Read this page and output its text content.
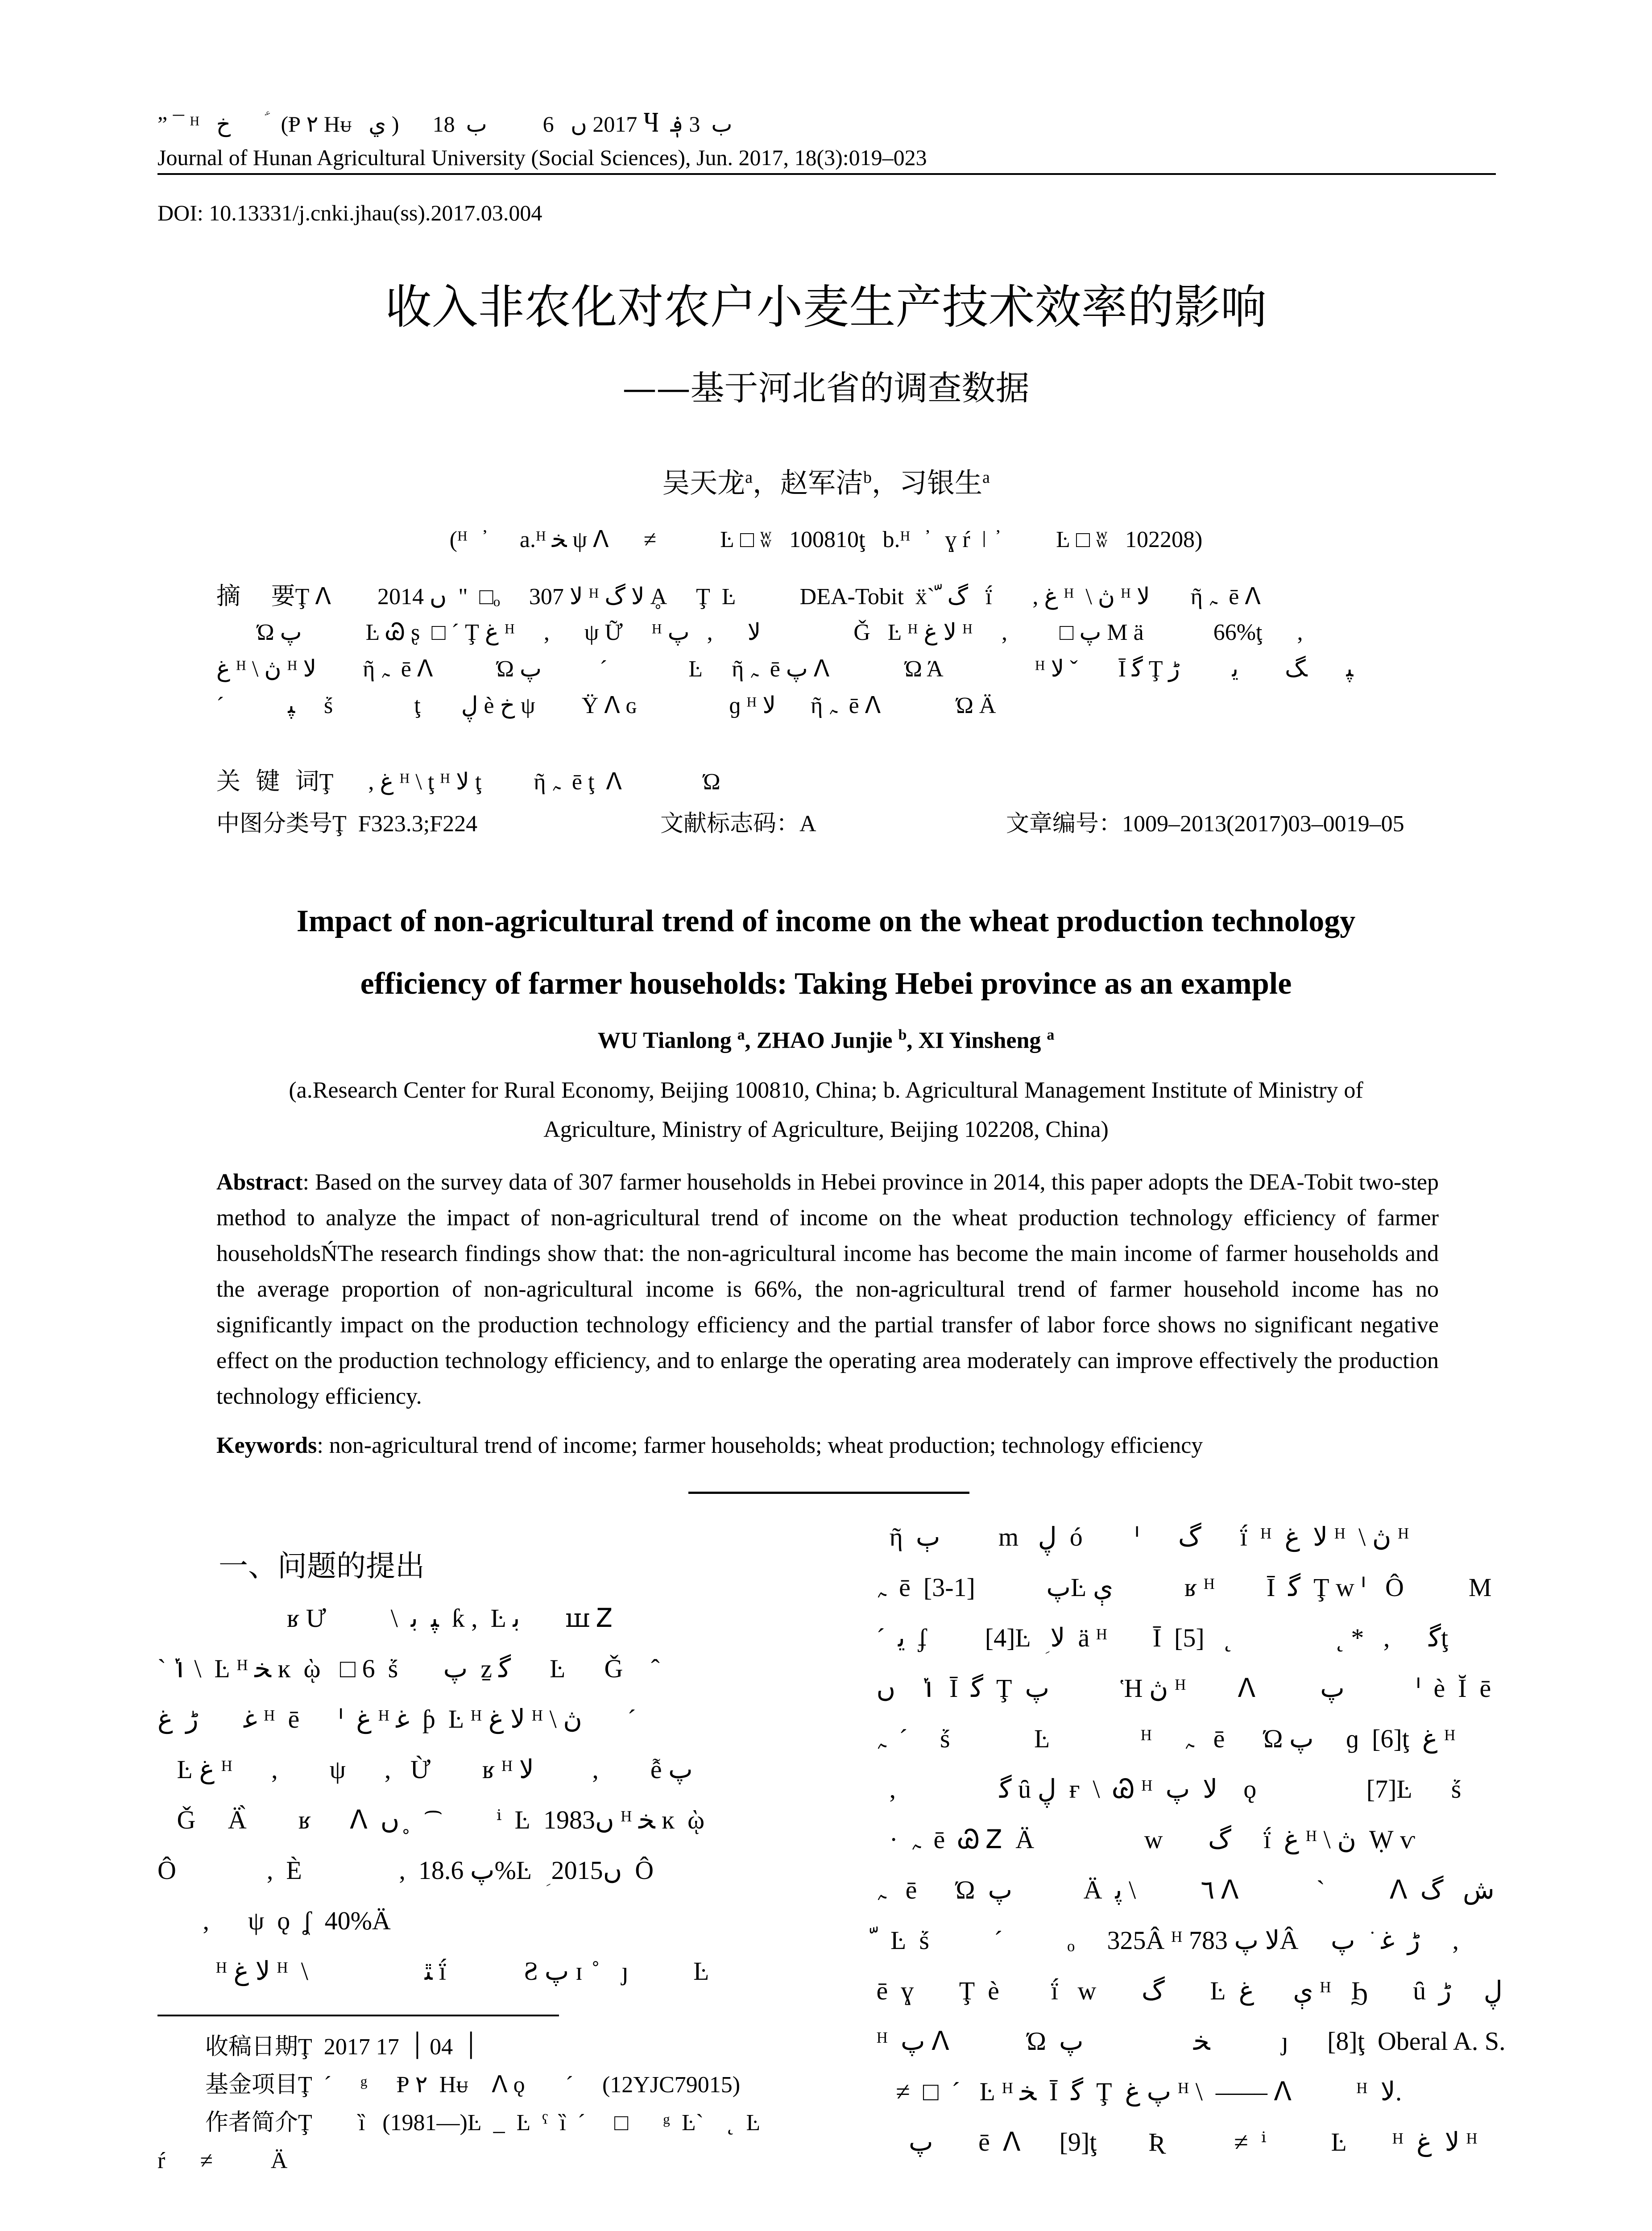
” ¯ ᴴ   خ       ؑ  (Ᵽ ۲ Hᵾ   ي )      2017 ں   6          ب  18 Ⴗ  ب  3 ؋
Journal of Hunan Agricultural University (Social Sciences), Jun. 2017, 18(3):019–023
DOI: 10.13331/j.cnki.jhau(ss).2017.03.004
收入非农化对农户小麦生产技术效率的影响
——基于河北省的调查数据
吴天龙$^a$，赵军洁$^b$，习银生$^a$
(ᴴ   ҆      a.ᴴ ﺨ ψ ᐱ      ≠           Ŀ □ ʬ   100810ţ   b.ᴴ   ҆   ɣ ŕ  ǀ  ҆          Ŀ □ ʬ   102208)
摘    要Ţ ᐱ        2014 ں  "  □ₒ     307 ﻻ ᴴ ﻻ ﮒ Ḁ     Ţ  Ŀ           DEA-Tobit  ẍ` ّ ﮒ   ḯ       , غ ᴴ  \ ڽ ᴴ ﻻ       ῆ ﮧ  ē ᐱ
Ώ ﭖ           Ŀ Ꮚ ʂ  □ ´ Ţ غ ᴴ     ,      ψ Ữ     ᴴ ﻻ      ,   ﭖ                Ǧ   Ŀ ᴴ ﻻ غ ᴴ     ,         □ ﭖ Μ ä            66%ţ      ,
غ ᴴ \ ڽ ᴴ ﻻ        ῆ ﮧ  ē ᐱ           Ώ ﭖ          ´              Ŀ     ῆ ﮧ  ē ﭖ ᐱ             Ώ Ά                ᴴ ﻻ ˇ       Ῑ ﮔ Ţ ﭙ       ﮓ        ﯾ         ڑ
´           ﭙ     ṥ              ţ       ڸ è خ ψ        Ÿ ᐱ ɢ                ɡ ᴴ ﻻ      ῆ ﮧ  ē ᐱ             Ώ Ä
关  键  词Ţ      , غ ᴴ \ ţ ᴴ ﻻ ţ         ῆ ﮧ  ē ţ  ᐱ              Ώ
中图分类号Ţ  F323.3;F224	文献标志码：A	文章编号：1009–2013(2017)03–0019–05
Impact of non-agricultural trend of income on the wheat production technology
efficiency of farmer households: Taking Hebei province as an example
WU Tianlong $^a$, ZHAO Junjie $^b$, XI Yinsheng $^a$
(a.Research Center for Rural Economy, Beijing 100810, China; b. Agricultural Management Institute of Ministry of
Agriculture, Ministry of Agriculture, Beijing 102208, China)
Abstract: Based on the survey data of 307 farmer households in Hebei province in 2014, this paper adopts the DEA-Tobit two-step method to analyze the impact of non-agricultural trend of income on the wheat production technology efficiency of farmer householdsŃThe research findings show that: the non-agricultural income has become the main income of farmer households and the average proportion of non-agricultural income is 66%, the non-agricultural trend of farmer household income has no significantly impact on the production technology efficiency and the partial transfer of labor force shows no significant negative effect on the production technology efficiency, and to enlarge the operating area moderately can improve effectively the production technology efficiency.
Keywords: non-agricultural trend of income; farmer households; wheat production; technology efficiency
一、问题的提出
ʁ Ư          \  ﭙ  ﺑ  ƙ ,  Ŀ ﺑ       ꟺ Ꮓ
` ݳ \  Ŀ ᴴ ﺨ ĸ  ῲ   □ 6  ṥ       ﭖ  ẕ ﮔ      Ŀ      Ǧ     ̂
ﻏ       ڑ  غ ᴴ  ē      ᑊ  غ ᴴ ﻏ  ƥ  Ŀ ᴴ ﻻ غ ᴴ \ ڽ       ´
Ŀ غ ᴴ      ,        ψ      ,   Ừ        ʁ ᴴ ﻻ         ,        ễ ﭖ
Ǧ     Ä̀        ʁ      ᐱ  ں  ̥   ͡          ⁱ  Ŀ  1983ں ᴴ ﺨ ĸ  ῲ
Ô              ,  È               ,  ﭖ 18.6%Ŀ  ؚ 2015ں  Ô
,      ψ  ǫ  ʆ  40%Ä
ᴴ ﻻ غ ᴴ  \                  ﭥ ḯ            Ƨ ﭖ ɪ  ̊    ȷ          Ŀ
ῆ  ﭒ         m   ڸ  ó        ᑊ      ﮒ      ḯ  ᴴ  ﻻ  غ ᴴ  \ ڽ ᴴ
ﮧ  ē  ﭖ           [1-3]Ŀ ې           ʁ ᴴ        Ῑ  ﮔ  Ţ w ᑊ   Ô          Μ
´  ﯾ  ʄ         [4]Ŀ  ؚ ﻻ  ä ᴴ       Ῑ  ﮔ      ,   * ˛                ˛   [5]ţ
ݳ    ں  Ῑ  ﮔ  Ţ  ﭖ           Ἡ ڽ ᴴ        ᐱ          ﭖ           ᑊ  è  Ῐ  ē
ﮧ  ´     ṥ             Ŀ              ᴴ     ﮧ   ē      Ώ ﭖ     ɡ  [6]ţ  غ ᴴ
,                ﮔ ȗ ڸ  ғ  \  Ꮚ ᴴ  ﻻ  ﭖ    ǫ                 [7]Ŀ      ṥ
·  ﮧ  ē  Ꮚ Ꮓ  Ä                 w       ﮒ     ḯ  غ ᴴ \ ڽ  Ẉ ѵ
ﮧ   ē      Ώ  ﭖ           Ä  ٦          \ ﭘ ᐱ            `          ᐱ  ش   ﮒ
ّ  Ŀ  ṥ          ´          ₒ     325Â ᴴ ﻻ ﭖ 783Â     ڑ  ﻏ  ͘  ﭖ     ,
ē  ɣ       Ţ  è        ḯ   w       ﮒ       Ŀ  ې      غ ᴴ   Ϧ       ȗ  ڸ     ڑ
ᴴ  ﭖ ᐱ            Ώ  ﺨ                 ﭖ           ȷ      [8]ţ  Oberal A. S.
≠  □  ´   Ŀ ᴴ ﺨ  Ῑ  ﮔ  Ţ  ﭖ غ ᴴ \  ‒‒‒‒ ᐱ          ᴴ  ﻻ.
ﭖ       ē  ᐱ      [9]ţ        Ʀ           ≠  ⁱ          Ŀ       ᴴ  ﻻ  غ ᴴ
收稿日期Ţ  2017 ׀  04 ׀  17
基金项目Ţ  ´     ᵍ     Ᵽ ۲  Hᵾ    ᐱ ǫ       ´     (12YJC79015)
作者简介Ţ        ȉ   (1981—)Ŀ  _  Ŀ  ˤ  ȉ  ´     □      ᵍ  Ŀ`    ˛  Ŀ
ŕ      ≠          Ä
